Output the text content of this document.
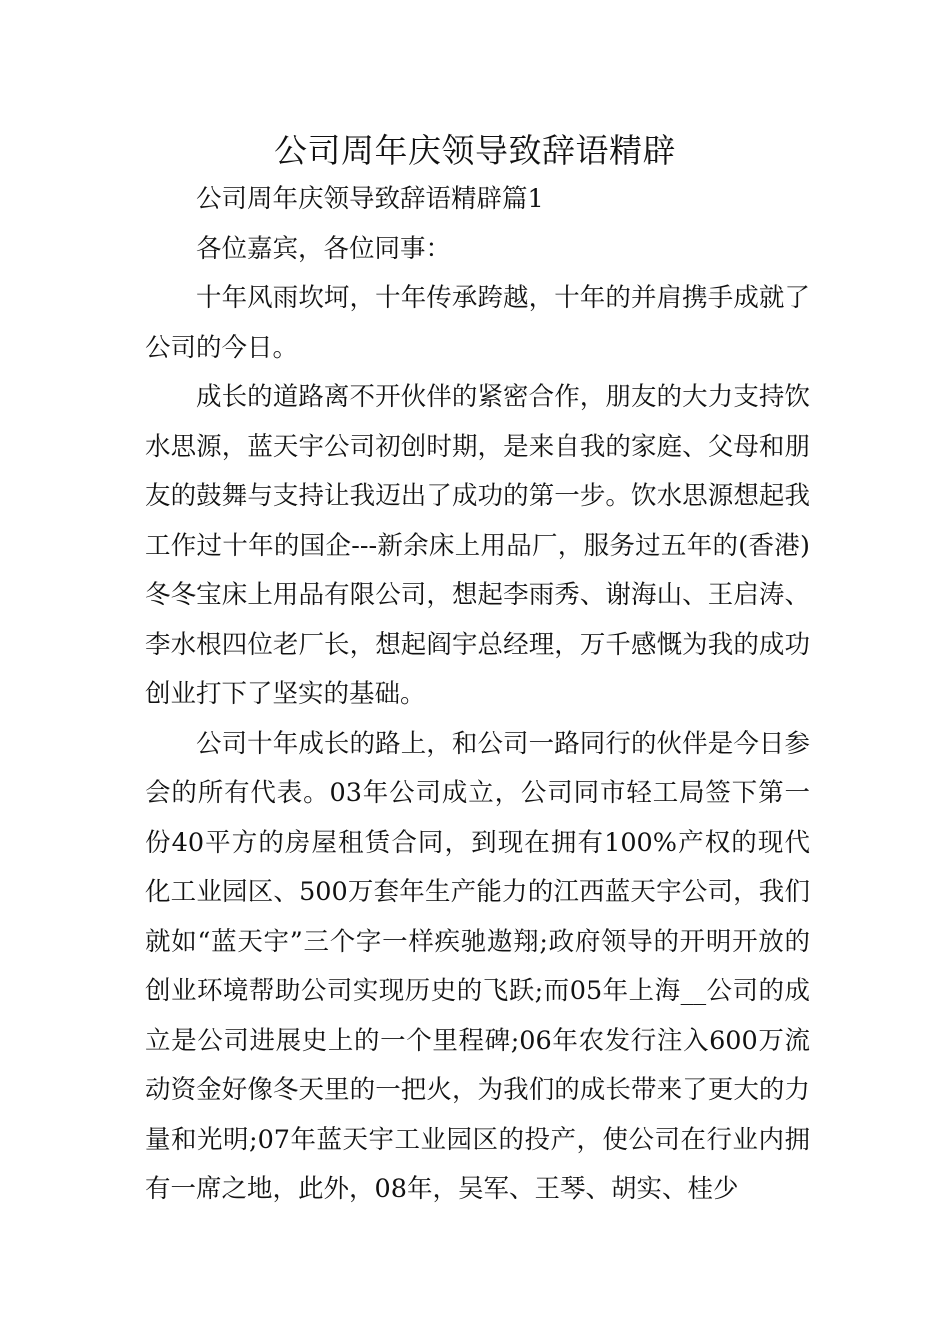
公司周年庆领导致辞语精辟

公司周年庆领导致辞语精辟篇1

各位嘉宾，各位同事：

十年风雨坎坷，十年传承跨越，十年的并肩携手成就了公司的今日。

成长的道路离不开伙伴的紧密合作，朋友的大力支持饮水思源，蓝天宇公司初创时期，是来自我的家庭、父母和朋友的鼓舞与支持让我迈出了成功的第一步。饮水思源想起我工作过十年的国企---新余床上用品厂，服务过五年的(香港)冬冬宝床上用品有限公司，想起李雨秀、谢海山、王启涛、李水根四位老厂长，想起阎宇总经理，万千感慨为我的成功创业打下了坚实的基础。

公司十年成长的路上，和公司一路同行的伙伴是今日参会的所有代表。03年公司成立，公司同市轻工局签下第一份40平方的房屋租赁合同，到现在拥有100%产权的现代化工业园区、500万套年生产能力的江西蓝天宇公司，我们就如“蓝天宇”三个字一样疾驰遨翔;政府领导的开明开放的创业环境帮助公司实现历史的飞跃;而05年上海__公司的成立是公司进展史上的一个里程碑;06年农发行注入600万流动资金好像冬天里的一把火，为我们的成长带来了更大的力量和光明;07年蓝天宇工业园区的投产，使公司在行业内拥有一席之地，此外，08年，吴军、王琴、胡实、桂少
